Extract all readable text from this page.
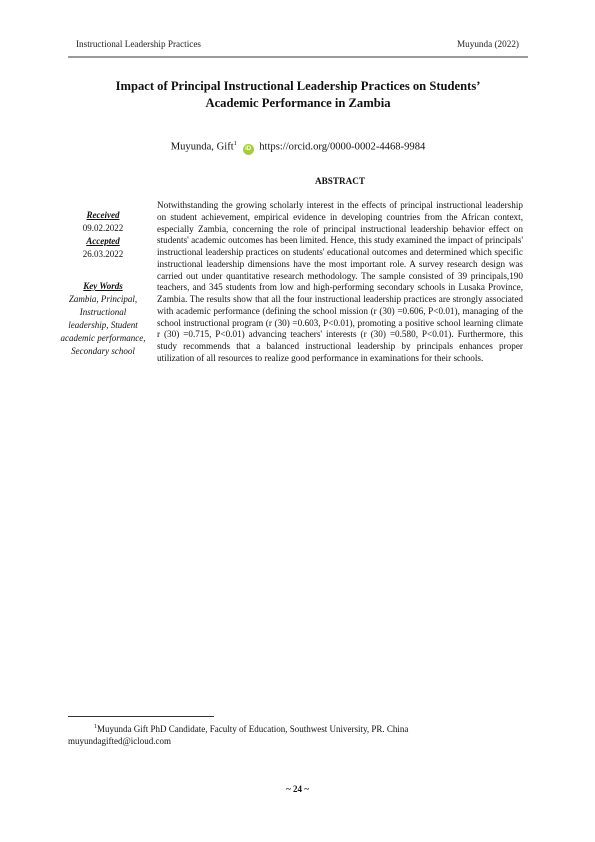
Instructional Leadership Practices	Muyunda (2022)
Impact of Principal Instructional Leadership Practices on Students’
Academic Performance in Zambia
Muyunda, Gift$^1$ iD https://orcid.org/0000-0002-4468-9984
ABSTRACT
Received
09.02.2022
Accepted
26.03.2022
Key Words
Zambia, Principal, Instructional leadership, Student academic performance, Secondary school
Notwithstanding the growing scholarly interest in the effects of principal instructional leadership on student achievement, empirical evidence in developing countries from the African context, especially Zambia, concerning the role of principal instructional leadership behavior effect on students' academic outcomes has been limited. Hence, this study examined the impact of principals' instructional leadership practices on students' educational outcomes and determined which specific instructional leadership dimensions have the most important role. A survey research design was carried out under quantitative research methodology. The sample consisted of 39 principals,190 teachers, and 345 students from low and high-performing secondary schools in Lusaka Province, Zambia. The results show that all the four instructional leadership practices are strongly associated with academic performance (defining the school mission (r (30) =0.606, P<0.01), managing of the school instructional program (r (30) =0.603, P<0.01), promoting a positive school learning climate r (30) =0.715, P<0.01) advancing teachers' interests (r (30) =0.580, P<0.01). Furthermore, this study recommends that a balanced instructional leadership by principals enhances proper utilization of all resources to realize good performance in examinations for their schools.
$^1$Muyunda Gift PhD Candidate, Faculty of Education, Southwest University, PR. China
muyundagifted@icloud.com
~ 24 ~
